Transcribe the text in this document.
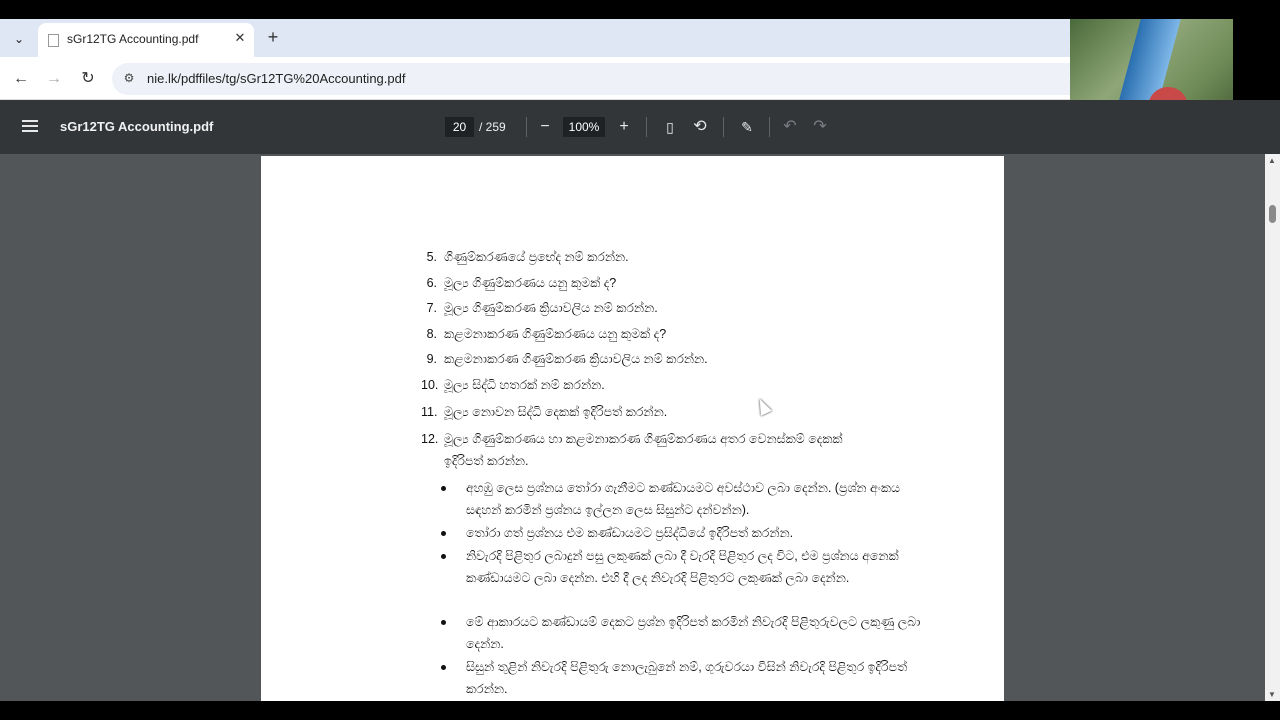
⌄	sGr12TG Accounting.pdf	✕ +
← → ↻	⚙ nie.lk/pdffiles/tg/sGr12TG%20Accounting.pdf
sGr12TG Accounting.pdf	20	/ 259	−	100%	+	▯	⟲ ✎ ↶ ↷
5. ගිණුම්කරණයේ ප්‍රභේද නම් කරන්න.
6. මූල්‍ය ගිණුම්කරණය යනු කුමක් ද?
7. මූල්‍ය ගිණුම්කරණ ක්‍රියාවලිය නම් කරන්න.
8. කළමනාකරණ ගිණුම්කරණය යනු කුමක් ද?
9. කළමනාකරණ ගිණුම්කරණ ක්‍රියාවලිය නම් කරන්න.
10. මූල්‍ය සිද්ධි හතරක් නම් කරන්න.
11. මූල්‍ය නොවන සිද්ධි දෙකක් ඉදිරිපත් කරන්න.
12. මූල්‍ය ගිණුම්කරණය හා කළමනාකරණ ගිණුම්කරණය අතර වෙනස්කම් දෙකක්
ඉදිරිපත් කරන්න.
අහඹු ලෙස ප්‍රශ්නය තෝරා ගැනීමට කණ්ඩායමට අවස්ථාව ලබා දෙන්න. (ප්‍රශ්න අංකය සඳහන් කරමින් ප්‍රශ්නය ඉල්ලන ලෙස සිසුන්ට දන්වන්න).
තෝරා ගත් ප්‍රශ්නය එම කණ්ඩායමට ප්‍රසිද්ධියේ ඉදිරිපත් කරන්න.
නිවැරදි පිළිතුර ලබාදුන් පසු ලකුණක් ලබා දී වැරදි පිළිතුර ලද විට, එම ප්‍රශ්නය අනෙක් කණ්ඩායමට ලබා දෙන්න. එහි දී ලද නිවැරදි පිළිතුරට ලකුණක් ලබා දෙන්න.
මේ ආකාරයට කණ්ඩායම් දෙකට ප්‍රශ්න ඉදිරිපත් කරමින් නිවැරදි පිළිතුරුවලට ලකුණු ලබා දෙන්න.
සිසුන් තුළින් නිවැරදි පිළිතුරු නොලැබුනේ නම්, ගුරුවරයා විසින් නිවැරදි පිළිතුර ඉදිරිපත් කරන්න.
▲
▼
